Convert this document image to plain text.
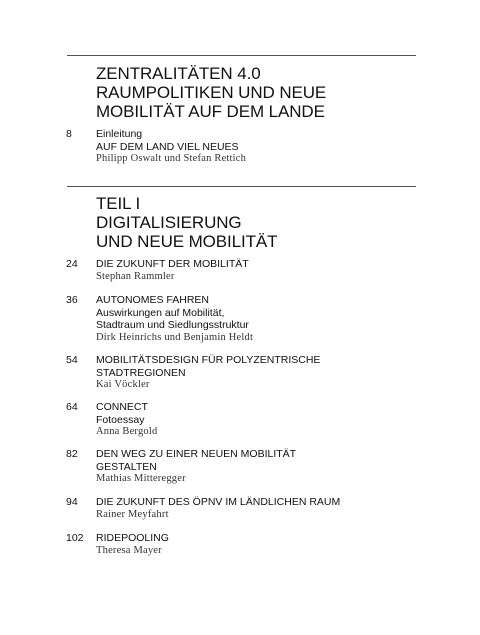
ZENTRALITÄTEN 4.0
RAUMPOLITIKEN UND NEUE
MOBILITÄT AUF DEM LANDE
8 Einleitung
AUF DEM LAND VIEL NEUES
Philipp Oswalt und Stefan Rettich
TEIL I
DIGITALISIERUNG
UND NEUE MOBILITÄT
24 DIE ZUKUNFT DER MOBILITÄT
Stephan Rammler
36 AUTONOMES FAHREN
Auswirkungen auf Mobilität,
Stadtraum und Siedlungsstruktur
Dirk Heinrichs und Benjamin Heldt
54 MOBILITÄTSDESIGN FÜR POLYZENTRISCHE
STADTREGIONEN
Kai Vöckler
64 CONNECT
Fotoessay
Anna Bergold
82 DEN WEG ZU EINER NEUEN MOBILITÄT
GESTALTEN
Mathias Mitteregger
94 DIE ZUKUNFT DES ÖPNV IM LÄNDLICHEN RAUM
Rainer Meyfahrt
102 RIDEPOOLING
Theresa Mayer
